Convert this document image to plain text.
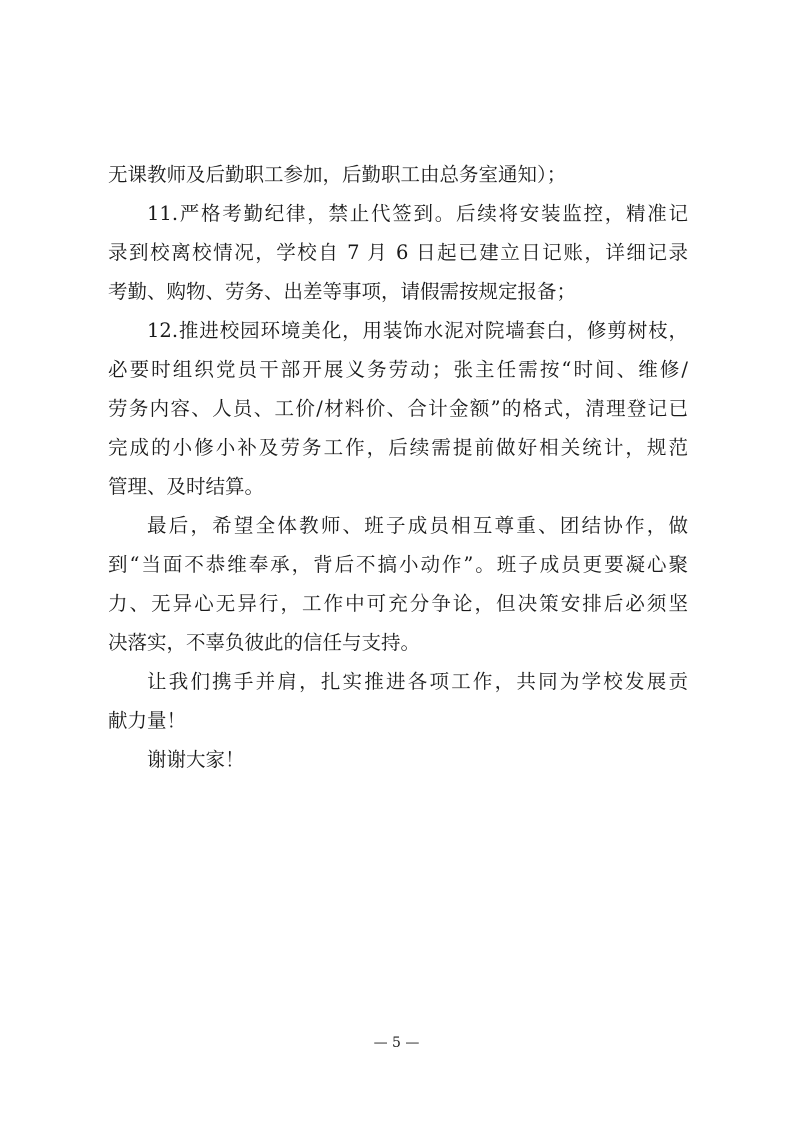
无课教师及后勤职工参加，后勤职工由总务室通知）；
11.严格考勤纪律，禁止代签到。后续将安装监控，精准记
录到校离校情况，学校自 7 月 6 日起已建立日记账，详细记录
考勤、购物、劳务、出差等事项，请假需按规定报备；
12.推进校园环境美化，用装饰水泥对院墙套白，修剪树枝，
必要时组织党员干部开展义务劳动；张主任需按“时间、维修/
劳务内容、人员、工价/材料价、合计金额”的格式，清理登记已
完成的小修小补及劳务工作，后续需提前做好相关统计，规范
管理、及时结算。
最后，希望全体教师、班子成员相互尊重、团结协作，做
到“当面不恭维奉承，背后不搞小动作”。班子成员更要凝心聚
力、无异心无异行，工作中可充分争论，但决策安排后必须坚
决落实，不辜负彼此的信任与支持。
让我们携手并肩，扎实推进各项工作，共同为学校发展贡
献力量！
谢谢大家！
— 5 —
